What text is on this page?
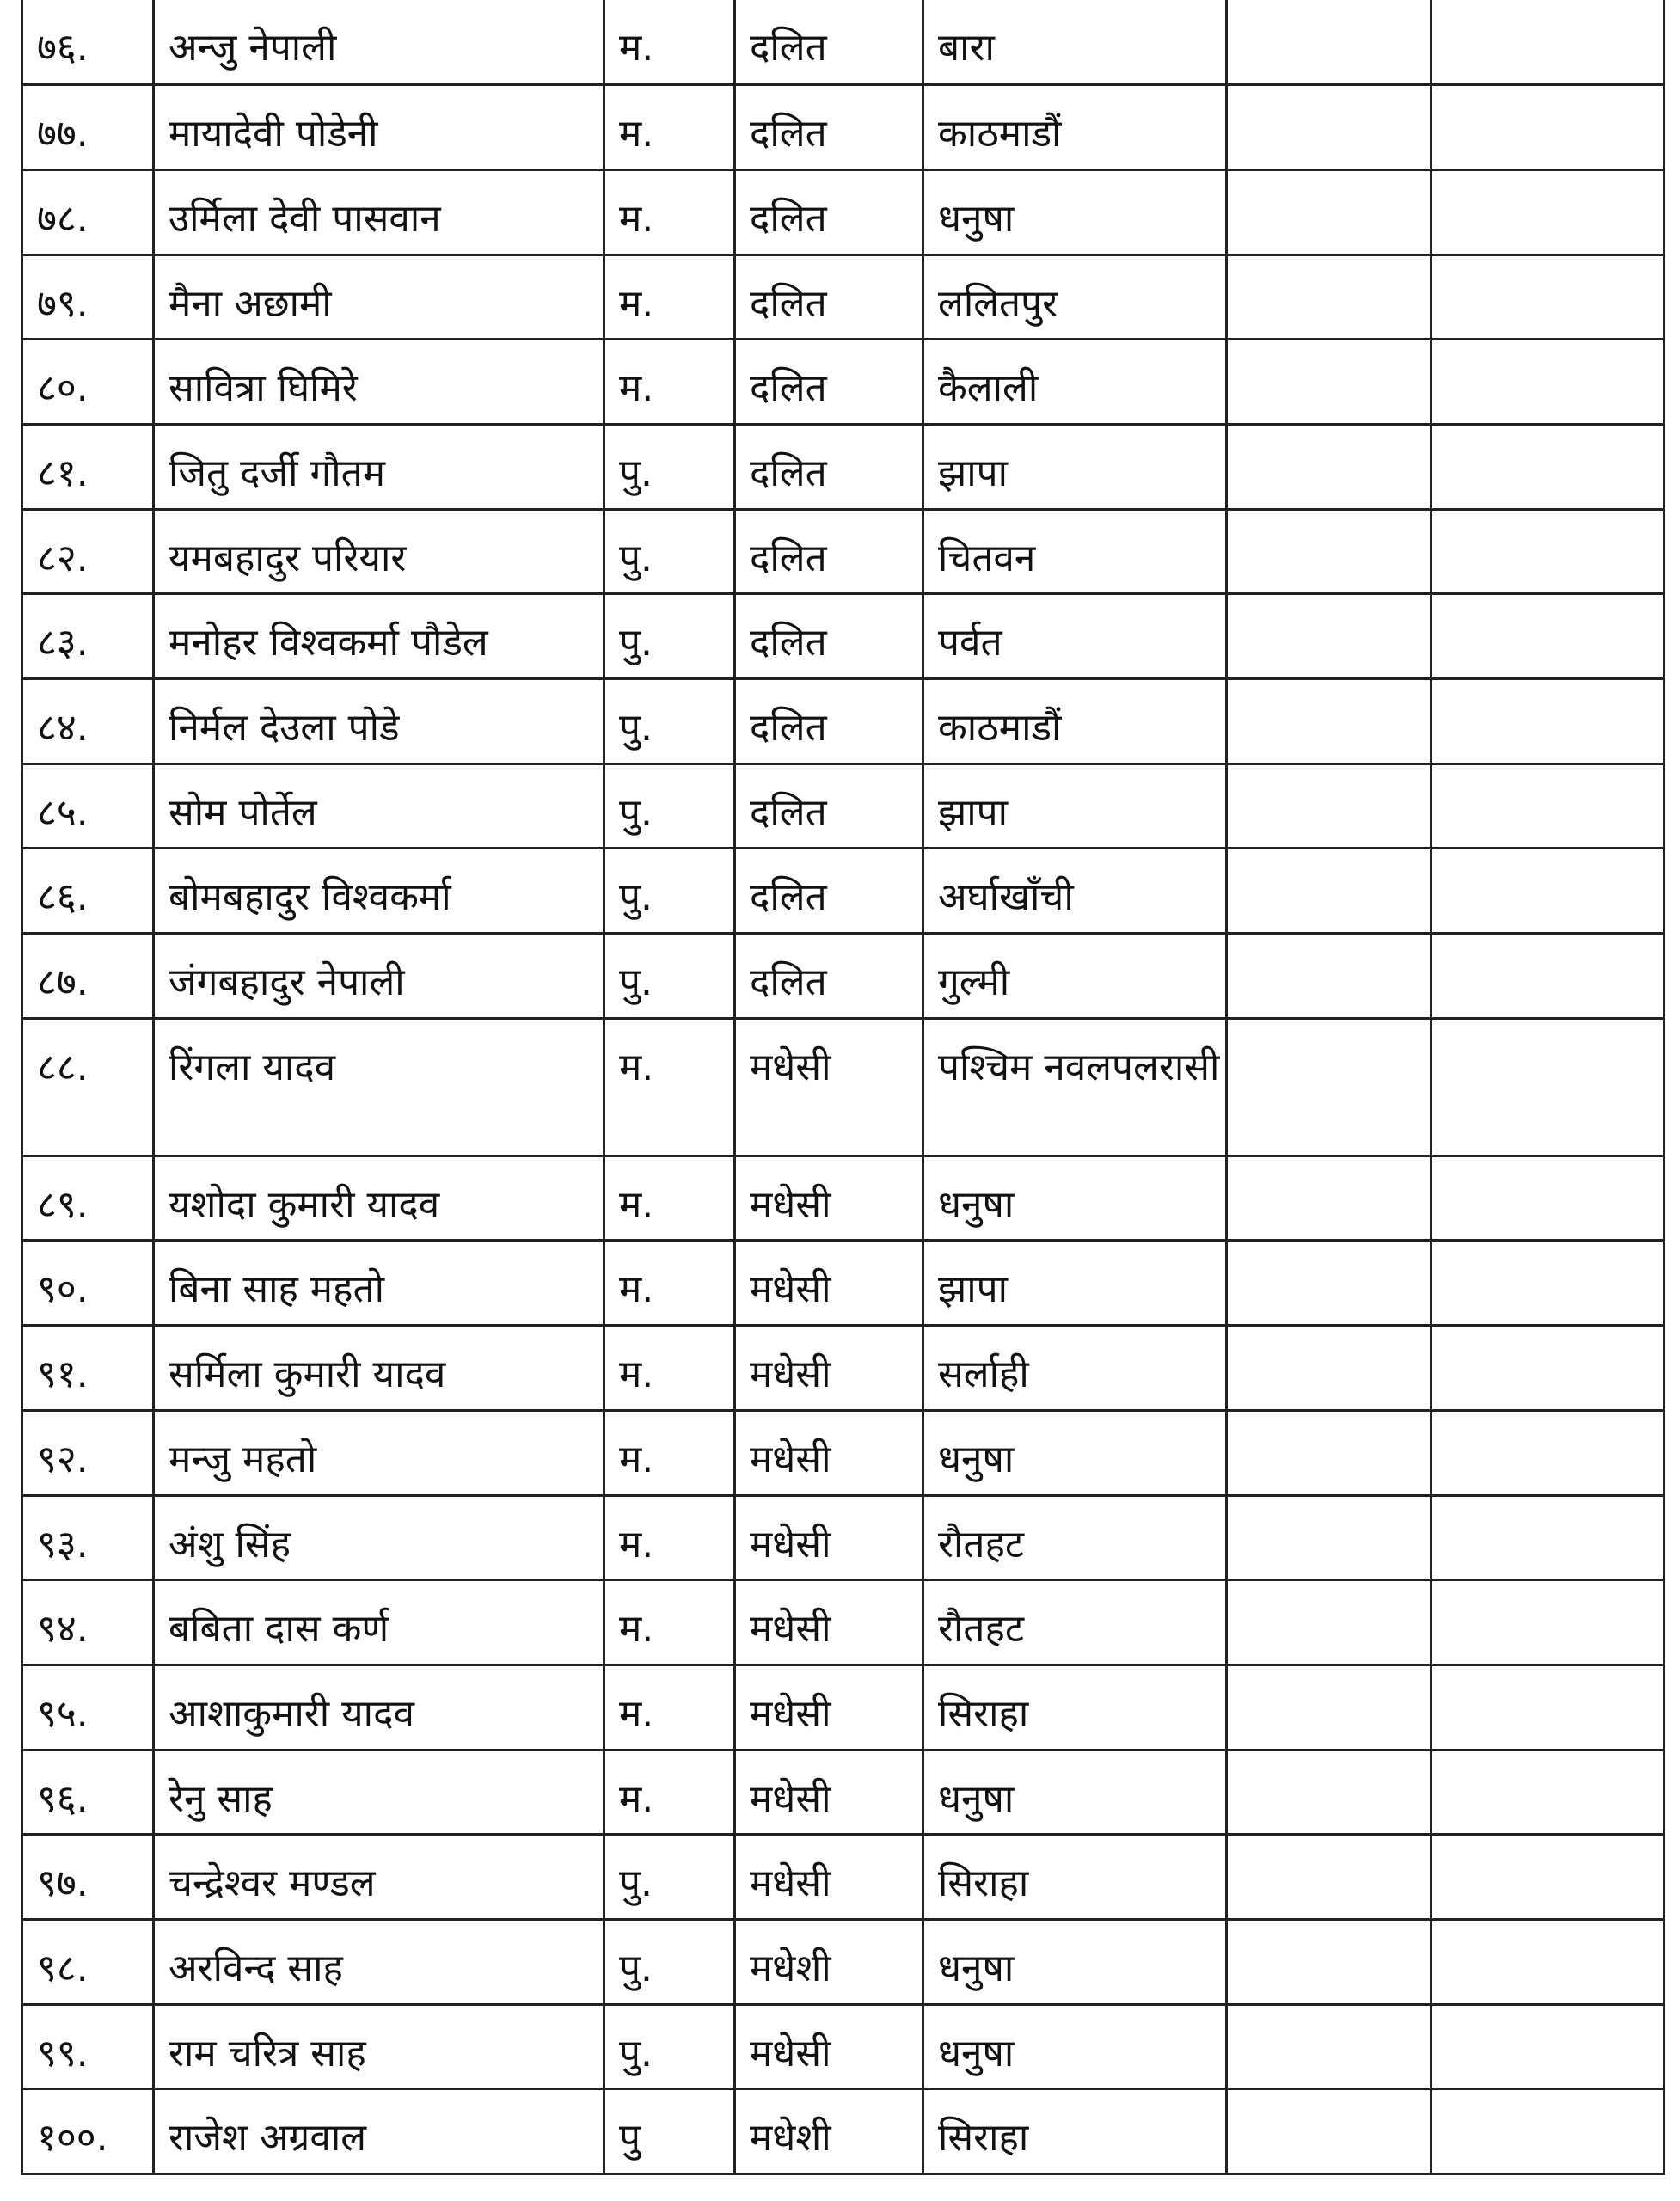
७६.	अन्जु नेपाली	म.	दलित	बारा		
७७.	मायादेवी पोडेनी	म.	दलित	काठमाडौं		
७८.	उर्मिला देवी पासवान	म.	दलित	धनुषा		
७९.	मैना अछामी	म.	दलित	ललितपुर		
८०.	सावित्रा घिमिरे	म.	दलित	कैलाली		
८१.	जितु दर्जी गौतम	पु.	दलित	झापा		
८२.	यमबहादुर परियार	पु.	दलित	चितवन		
८३.	मनोहर विश्वकर्मा पौडेल	पु.	दलित	पर्वत		
८४.	निर्मल देउला पोडे	पु.	दलित	काठमाडौं		
८५.	सोम पोर्तेल	पु.	दलित	झापा		
८६.	बोमबहादुर विश्वकर्मा	पु.	दलित	अर्घाखाँची		
८७.	जंगबहादुर नेपाली	पु.	दलित	गुल्मी		
८८.	रिंगला यादव	म.	मधेसी	पश्चिम नवलपलरासी		
८९.	यशोदा कुमारी यादव	म.	मधेसी	धनुषा		
९०.	बिना साह महतो	म.	मधेसी	झापा		
९१.	सर्मिला कुमारी यादव	म.	मधेसी	सर्लाही		
९२.	मन्जु महतो	म.	मधेसी	धनुषा		
९३.	अंशु सिंह	म.	मधेसी	रौतहट		
९४.	बबिता दास कर्ण	म.	मधेसी	रौतहट		
९५.	आशाकुमारी यादव	म.	मधेसी	सिराहा		
९६.	रेनु साह	म.	मधेसी	धनुषा		
९७.	चन्द्रेश्वर मण्डल	पु.	मधेसी	सिराहा		
९८.	अरविन्द साह	पु.	मधेशी	धनुषा		
९९.	राम चरित्र साह	पु.	मधेसी	धनुषा		
१००.	राजेश अग्रवाल	पु	मधेशी	सिराहा		
